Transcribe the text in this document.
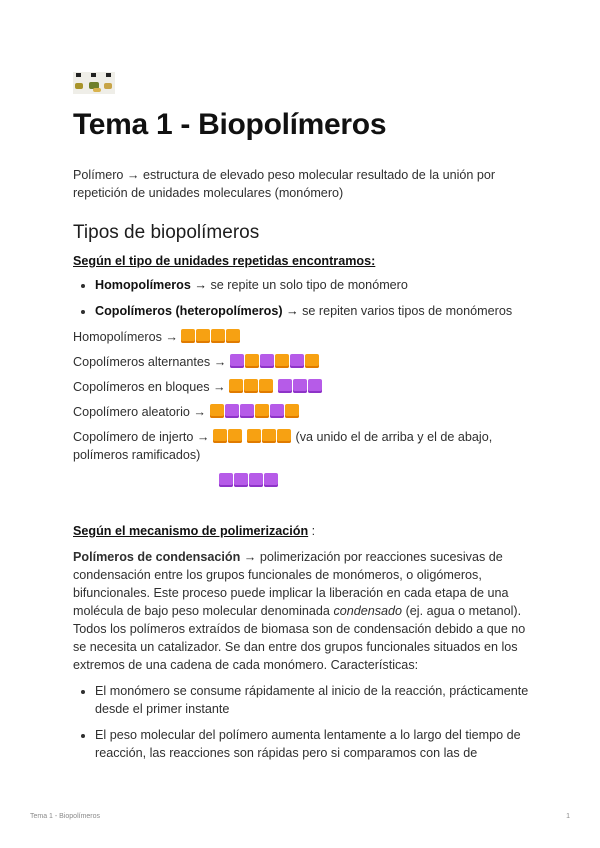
Tema 1 - Biopolímeros

Polímero → estructura de elevado peso molecular resultado de la unión por repetición de unidades moleculares (monómero)

Tipos de biopolímeros

Según el tipo de unidades repetidas encontramos:

• Homopolímeros → se repite un solo tipo de monómero
• Copolímeros (heteropolímeros) → se repiten varios tipos de monómeros
Homopolímeros →
Copolímeros alternantes →
Copolímeros en bloques →
Copolímero aleatorio →
Copolímero de injerto →	(va unido el de arriba y el de abajo, polímeros ramificados)

Según el mecanismo de polimerización :

Polímeros de condensación → polimerización por reacciones sucesivas de condensación entre los grupos funcionales de monómeros, o oligómeros, bifuncionales. Este proceso puede implicar la liberación en cada etapa de una molécula de bajo peso molecular denominada condensado (ej. agua o metanol). Todos los polímeros extraídos de biomasa son de condensación debido a que no se necesita un catalizador. Se dan entre dos grupos funcionales situados en los extremos de una cadena de cada monómero. Características:

• El monómero se consume rápidamente al inicio de la reacción, prácticamente desde el primer instante
• El peso molecular del polímero aumenta lentamente a lo largo del tiempo de reacción, las reacciones son rápidas pero si comparamos con las de
Tema 1 - Biopolímeros	1
